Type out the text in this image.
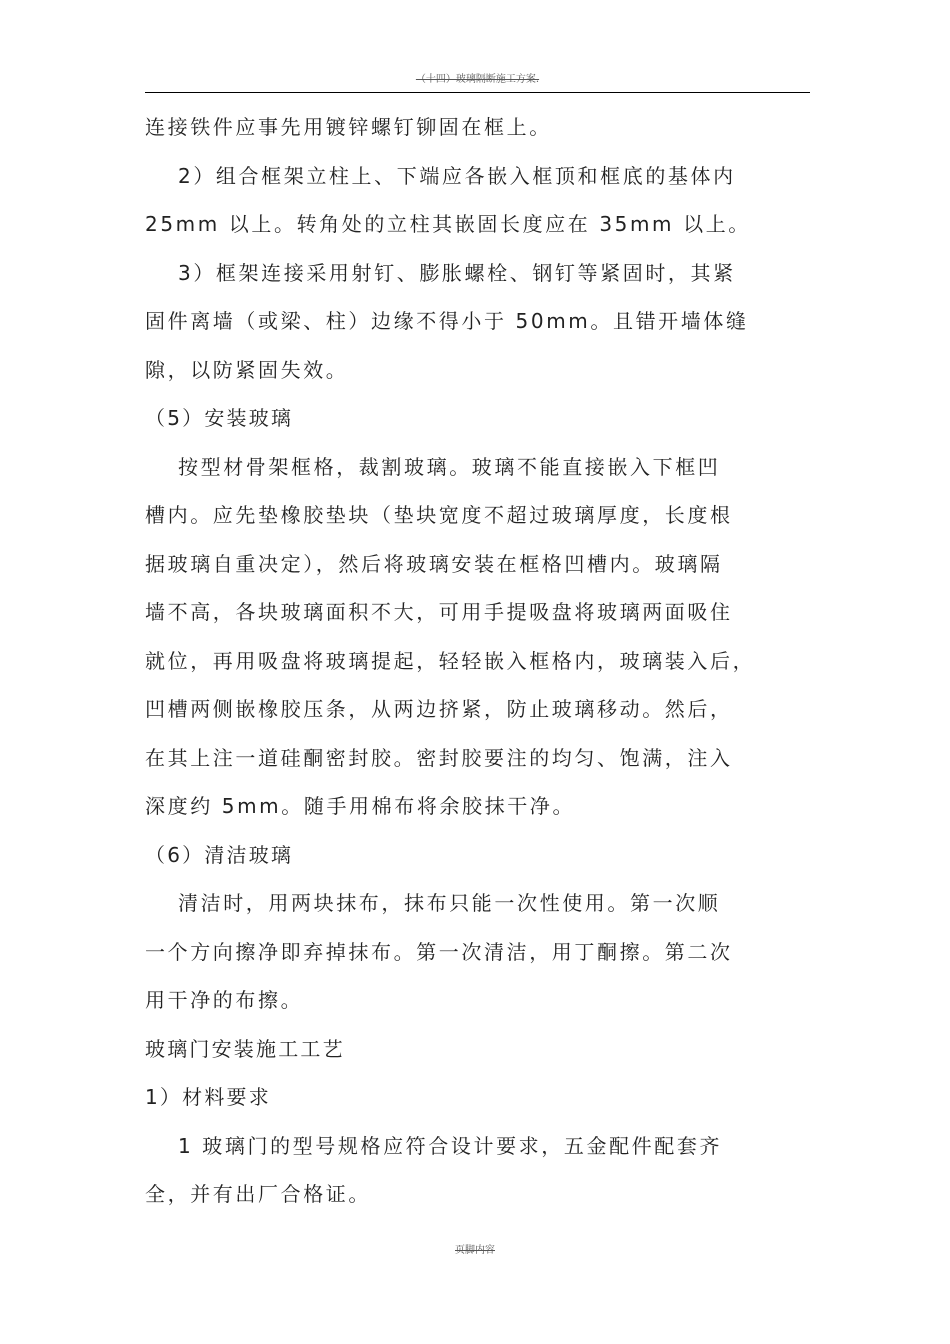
（十四）玻璃隔断施工方案.
连接铁件应事先用镀锌螺钉铆固在框上。
2）组合框架立柱上、下端应各嵌入框顶和框底的基体内
25mm 以上。转角处的立柱其嵌固长度应在 35mm 以上。
3）框架连接采用射钉、膨胀螺栓、钢钉等紧固时，其紧
固件离墙（或梁、柱）边缘不得小于 50mm。且错开墙体缝
隙，以防紧固失效。
（5）安装玻璃
按型材骨架框格，裁割玻璃。玻璃不能直接嵌入下框凹
槽内。应先垫橡胶垫块（垫块宽度不超过玻璃厚度，长度根
据玻璃自重决定），然后将玻璃安装在框格凹槽内。玻璃隔
墙不高，各块玻璃面积不大，可用手提吸盘将玻璃两面吸住
就位，再用吸盘将玻璃提起，轻轻嵌入框格内，玻璃装入后，
凹槽两侧嵌橡胶压条，从两边挤紧，防止玻璃移动。然后，
在其上注一道硅酮密封胶。密封胶要注的均匀、饱满，注入
深度约 5mm。随手用棉布将余胶抹干净。
（6）清洁玻璃
清洁时，用两块抹布，抹布只能一次性使用。第一次顺
一个方向擦净即弃掉抹布。第一次清洁，用丁酮擦。第二次
用干净的布擦。
玻璃门安装施工工艺
1）材料要求
1 玻璃门的型号规格应符合设计要求，五金配件配套齐
全，并有出厂合格证。
页脚内容
